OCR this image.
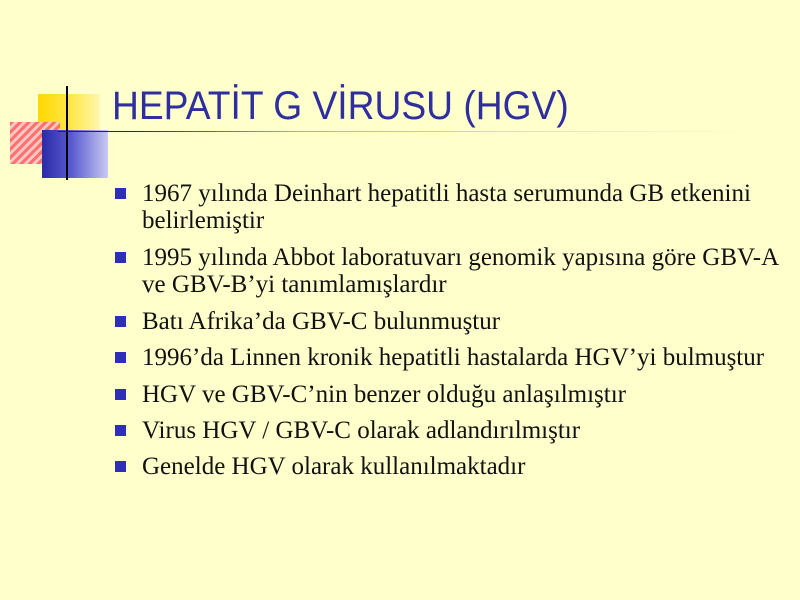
HEPATİT G VİRUSU (HGV)
1967 yılında Deinhart hepatitli hasta serumunda GB etkenini belirlemiştir
1995 yılında Abbot laboratuvarı genomik yapısına göre GBV-A ve GBV-B’yi tanımlamışlardır
Batı Afrika’da GBV-C bulunmuştur
1996’da Linnen kronik hepatitli hastalarda HGV’yi bulmuştur
HGV ve GBV-C’nin benzer olduğu anlaşılmıştır
Virus HGV / GBV-C olarak adlandırılmıştır
Genelde HGV olarak kullanılmaktadır
